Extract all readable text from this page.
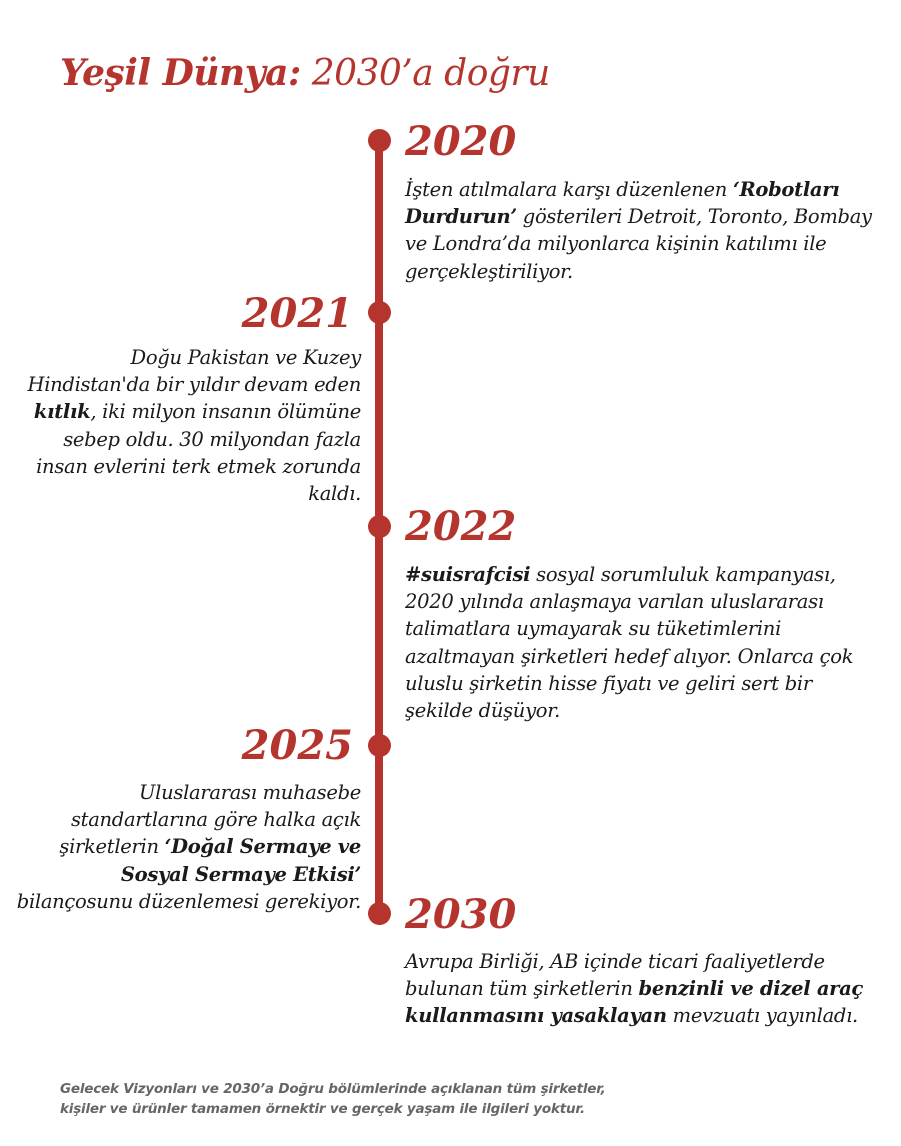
Yeşil Dünya: 2030’a doğru
2020
İşten atılmalara karşı düzenlenen ‘Robotları Durdurun’ gösterileri Detroit, Toronto, Bombay ve Londra’da milyonlarca kişinin katılımı ile gerçekleştiriliyor.
2021
Doğu Pakistan ve Kuzey Hindistan'da bir yıldır devam eden kıtlık, iki milyon insanın ölümüne sebep oldu. 30 milyondan fazla insan evlerini terk etmek zorunda kaldı.
2022
#suisrafcisi sosyal sorumluluk kampanyası, 2020 yılında anlaşmaya varılan uluslararası talimatlara uymayarak su tüketimlerini azaltmayan şirketleri hedef alıyor. Onlarca çok uluslu şirketin hisse fiyatı ve geliri sert bir şekilde düşüyor.
2025
Uluslararası muhasebe standartlarına göre halka açık şirketlerin ‘Doğal Sermaye ve Sosyal Sermaye Etkisi’ bilançosunu düzenlemesi gerekiyor. 2030
Avrupa Birliği, AB içinde ticari faaliyetlerde bulunan tüm şirketlerin benzinli ve dizel araç kullanmasını yasaklayan mevzuatı yayınladı.
Gelecek Vizyonları ve 2030’a Doğru bölümlerinde açıklanan tüm şirketler,
kişiler ve ürünler tamamen örnektir ve gerçek yaşam ile ilgileri yoktur.
